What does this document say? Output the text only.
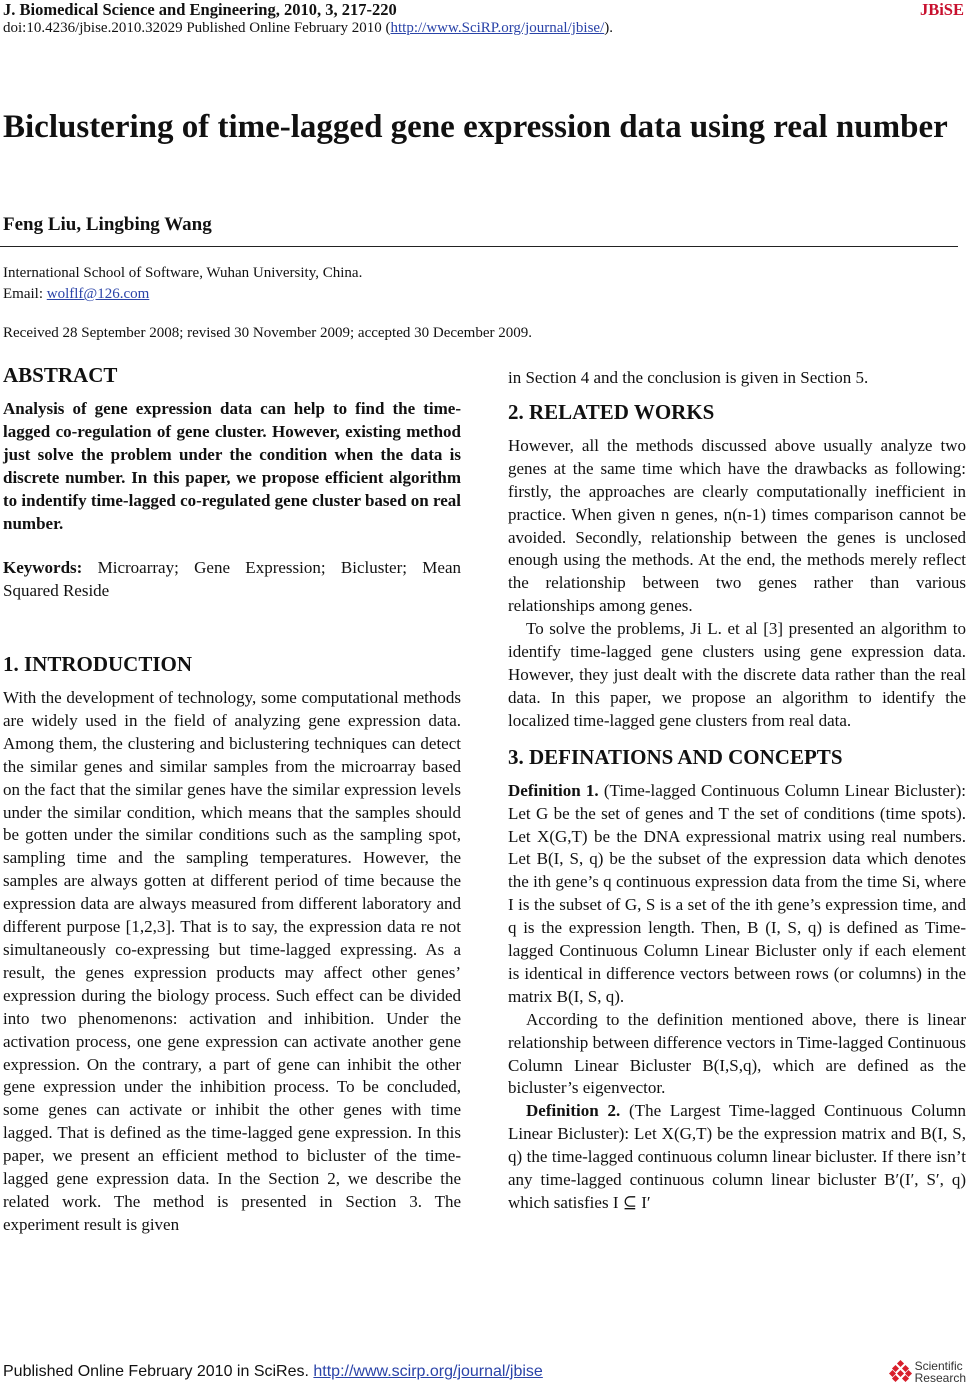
J. Biomedical Science and Engineering, 2010, 3, 217-220	JBiSE
doi:10.4236/jbise.2010.32029 Published Online February 2010 (http://www.SciRP.org/journal/jbise/).
Biclustering of time-lagged gene expression data using real number
Feng Liu, Lingbing Wang
International School of Software, Wuhan University, China.
Email: wolflf@126.com
Received 28 September 2008; revised 30 November 2009; accepted 30 December 2009.
ABSTRACT

Analysis of gene expression data can help to find the time-lagged co-regulation of gene cluster. However, existing method just solve the problem under the condition when the data is discrete number. In this paper, we propose efficient algorithm to indentify time-lagged co-regulated gene cluster based on real number.

Keywords: Microarray; Gene Expression; Bicluster; Mean Squared Reside

1. INTRODUCTION

With the development of technology, some computational methods are widely used in the field of analyzing gene expression data. Among them, the clustering and biclustering techniques can detect the similar genes and similar samples from the microarray based on the fact that the similar genes have the similar expression levels under the similar condition, which means that the samples should be gotten under the similar conditions such as the sampling spot, sampling time and the sampling temperatures. However, the samples are always gotten at different period of time because the expression data are always measured from different laboratory and different purpose [1,2,3]. That is to say, the expression data re not simultaneously co-expressing but time-lagged expressing. As a result, the genes expression products may affect other genes’ expression during the biology process. Such effect can be divided into two phenomenons: activation and inhibition. Under the activation process, one gene expression can activate another gene expression. On the contrary, a part of gene can inhibit the other gene expression under the inhibition process. To be concluded, some genes can activate or inhibit the other genes with time lagged. That is defined as the time-lagged gene expression. In this paper, we present an efficient method to bicluster of the time-lagged gene expression data. In the Section 2, we describe the related work. The method is presented in Section 3. The experiment result is given

in Section 4 and the conclusion is given in Section 5.

2. RELATED WORKS

However, all the methods discussed above usually analyze two genes at the same time which have the drawbacks as following: firstly, the approaches are clearly computationally inefficient in practice. When given n genes, n(n-1) times comparison cannot be avoided. Secondly, relationship between the genes is unclosed enough using the methods. At the end, the methods merely reflect the relationship between two genes rather than various relationships among genes.

To solve the problems, Ji L. et al [3] presented an algorithm to identify time-lagged gene clusters using gene expression data. However, they just dealt with the discrete data rather than the real data. In this paper, we propose an algorithm to identify the localized time-lagged gene clusters from real data.

3. DEFINATIONS AND CONCEPTS

Definition 1. (Time-lagged Continuous Column Linear Bicluster): Let G be the set of genes and T the set of conditions (time spots). Let X(G,T) be the DNA expressional matrix using real numbers. Let B(I, S, q) be the subset of the expression data which denotes the ith gene’s q continuous expression data from the time Si, where I is the subset of G, S is a set of the ith gene’s expression time, and q is the expression length. Then, B (I, S, q) is defined as Time-lagged Continuous Column Linear Bicluster only if each element is identical in difference vectors between rows (or columns) in the matrix B(I, S, q).

According to the definition mentioned above, there is linear relationship between difference vectors in Time-lagged Continuous Column Linear Bicluster B(I,S,q), which are defined as the bicluster’s eigenvector.

Definition 2. (The Largest Time-lagged Continuous Column Linear Bicluster): Let X(G,T) be the expression matrix and B(I, S, q) the time-lagged continuous column linear bicluster. If there isn’t any time-lagged continuous column linear bicluster B′(I′, S′, q) which satisfies I ⊆ I′

Published Online February 2010 in SciRes. http://www.scirp.org/journal/jbise	Scientific
Research
